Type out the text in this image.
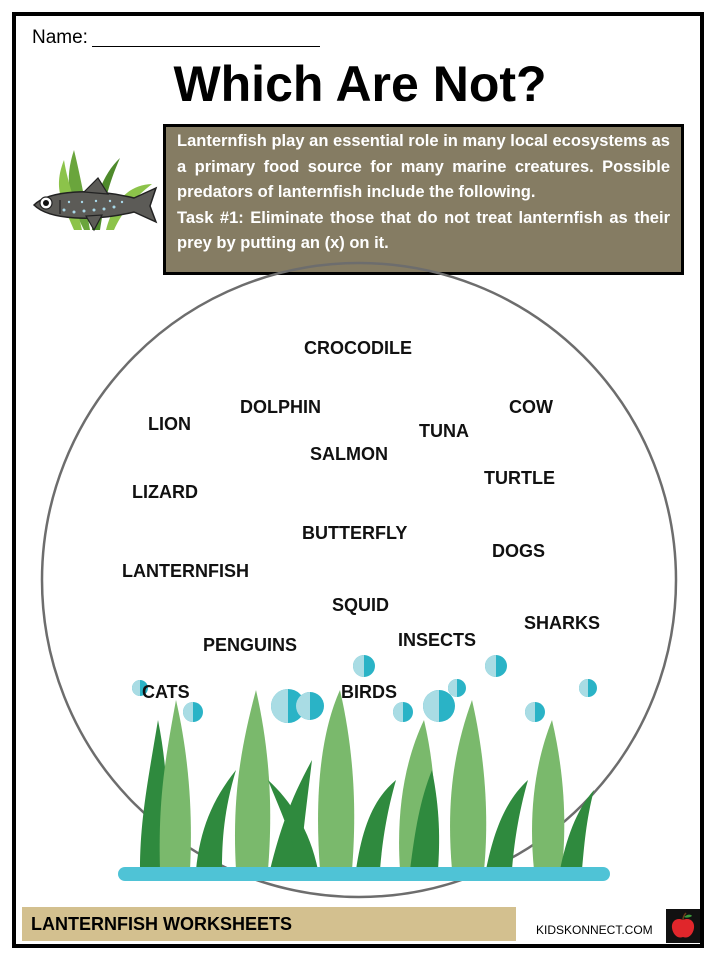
Name:
Which Are Not?

Lanternfish play an essential role in many local ecosystems as a primary food source for many marine creatures. Possible predators of lanternfish include the following.

Task #1: Eliminate those that do not treat lanternfish as their prey by putting an (x) on it.

CROCODILE
DOLPHIN	COW
LION	TUNA
SALMON
TURTLE
LIZARD
BUTTERFLY
DOGS
LANTERNFISH
SQUID
SHARKS
INSECTS
PENGUINS
CATS	BIRDS
LANTERNFISH WORKSHEETS	KIDSKONNECT.COM
